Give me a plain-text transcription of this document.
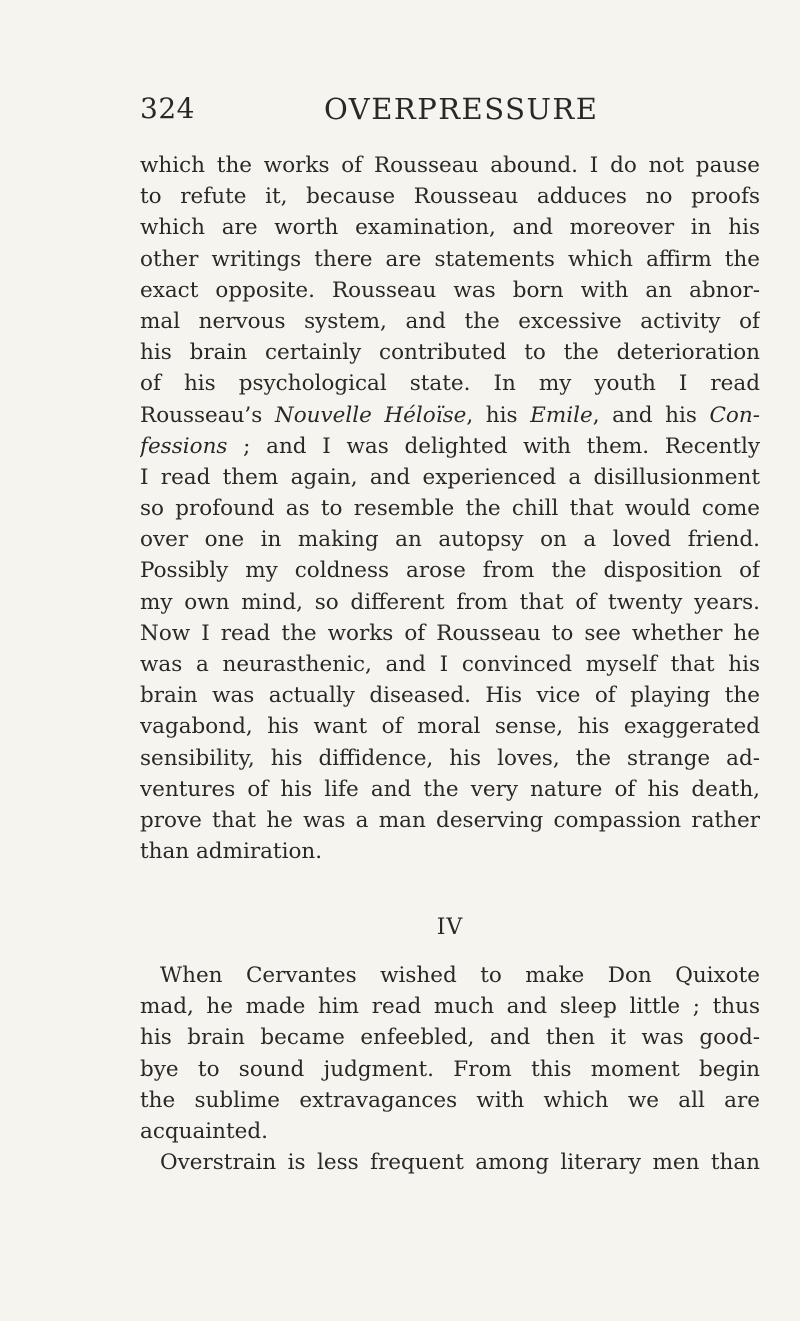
324	OVERPRESSURE
which the works of Rousseau abound. I do not pause
to refute it, because Rousseau adduces no proofs
which are worth examination, and moreover in his
other writings there are statements which affirm the
exact opposite. Rousseau was born with an abnor-
mal nervous system, and the excessive activity of
his brain certainly contributed to the deterioration
of his psychological state. In my youth I read
Rousseau’s Nouvelle Héloïse, his Emile, and his Con-
fessions ; and I was delighted with them. Recently
I read them again, and experienced a disillusionment
so profound as to resemble the chill that would come
over one in making an autopsy on a loved friend.
Possibly my coldness arose from the disposition of
my own mind, so different from that of twenty years.
Now I read the works of Rousseau to see whether he
was a neurasthenic, and I convinced myself that his
brain was actually diseased. His vice of playing the
vagabond, his want of moral sense, his exaggerated
sensibility, his diffidence, his loves, the strange ad-
ventures of his life and the very nature of his death,
prove that he was a man deserving compassion rather
than admiration.
IV
When Cervantes wished to make Don Quixote
mad, he made him read much and sleep little ; thus
his brain became enfeebled, and then it was good-
bye to sound judgment. From this moment begin
the sublime extravagances with which we all are
acquainted.
Overstrain is less frequent among literary men than
